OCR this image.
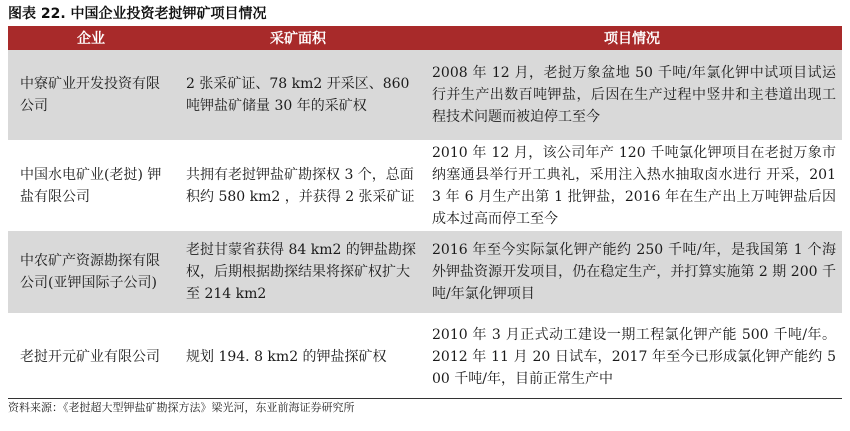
图表 22. 中国企业投资老挝钾矿项目情况
企业	采矿面积	项目情况
中寮矿业开发投资有限公司	2 张采矿证、78 km2 开采区、860 吨钾盐矿储量 30 年的采矿权	2008 年 12 月，老挝万象盆地 50 千吨/年氯化钾中试项目试运行并生产出数百吨钾盐，后因在生产过程中竖井和主巷道出现工程技术问题而被迫停工至今
中国水电矿业(老挝) 钾盐有限公司	共拥有老挝钾盐矿勘探权 3 个，总面积约 580 km2 ，并获得 2 张采矿证	2010 年 12 月，该公司年产 120 千吨氯化钾项目在老挝万象市纳塞通县举行开工典礼，采用注入热水抽取卤水进行 开采，2013 年 6 月生产出第 1 批钾盐，2016 年在生产出上万吨钾盐后因成本过高而停工至今
中农矿产资源勘探有限公司(亚钾国际子公司)	老挝甘蒙省获得 84 km2 的钾盐勘探权，后期根据勘探结果将探矿权扩大至 214 km2	2016 年至今实际氯化钾产能约 250 千吨/年，是我国第 1 个海外钾盐资源开发项目，仍在稳定生产，并打算实施第 2 期 200 千吨/年氯化钾项目
老挝开元矿业有限公司	规划 194. 8 km2 的钾盐探矿权	2010 年 3 月正式动工建设一期工程氯化钾产能 500 千吨/年。 2012 年 11 月 20 日试车，2017 年至今已形成氯化钾产能约 500 千吨/年，目前正常生产中
资料来源：《老挝超大型钾盐矿勘探方法》梁光河，东亚前海证券研究所
